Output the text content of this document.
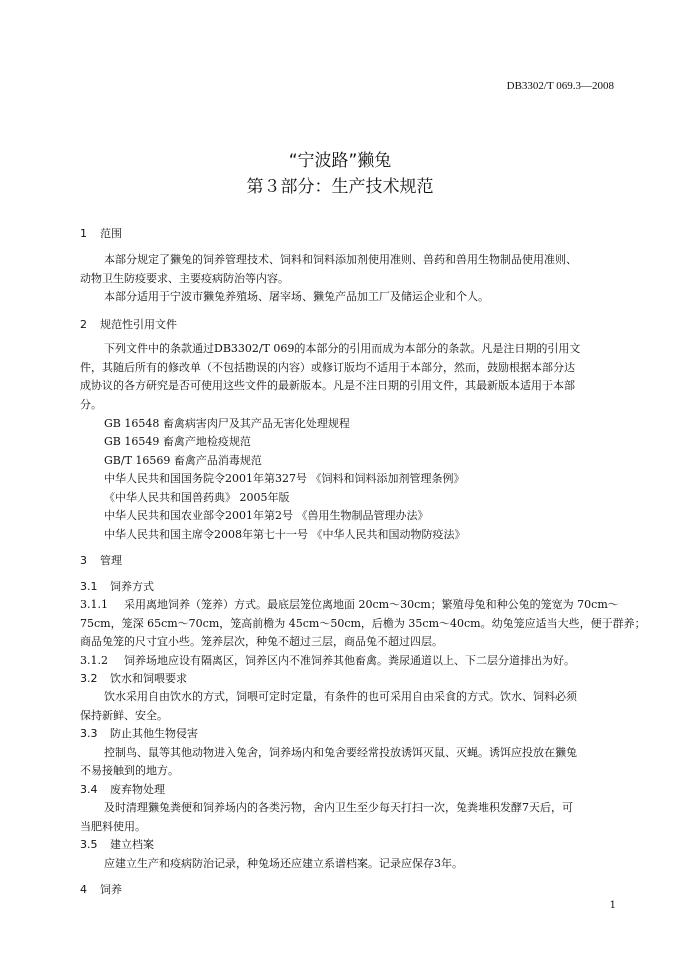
DB3302/T 069.3—2008
“宁波路”獭兔
第３部分：生产技术规范
1 范围
本部分规定了獭兔的饲养管理技术、饲料和饲料添加剂使用准则、兽药和兽用生物制品使用准则、
动物卫生防疫要求、主要疫病防治等内容。
本部分适用于宁波市獭兔养殖场、屠宰场、獭兔产品加工厂及储运企业和个人。
2 规范性引用文件
下列文件中的条款通过DB3302/T 069的本部分的引用而成为本部分的条款。凡是注日期的引用文
件，其随后所有的修改单（不包括勘误的内容）或修订版均不适用于本部分，然而，鼓励根据本部分达
成协议的各方研究是否可使用这些文件的最新版本。凡是不注日期的引用文件，其最新版本适用于本部
分。
GB 16548 畜禽病害肉尸及其产品无害化处理规程
GB 16549 畜禽产地检疫规范
GB/T 16569 畜禽产品消毒规范
中华人民共和国国务院令2001年第327号 《饲料和饲料添加剂管理条例》
《中华人民共和国兽药典》 2005年版
中华人民共和国农业部令2001年第2号 《兽用生物制品管理办法》
中华人民共和国主席令2008年第七十一号 《中华人民共和国动物防疫法》
3 管理
3.1 饲养方式
3.1.1 采用离地饲养（笼养）方式。最底层笼位离地面 20cm～30cm；繁殖母兔和种公兔的笼宽为 70cm～
75cm，笼深 65cm～70cm，笼高前檐为 45cm～50cm，后檐为 35cm～40cm。幼兔笼应适当大些，便于群养；
商品兔笼的尺寸宜小些。笼养层次，种兔不超过三层，商品兔不超过四层。
3.1.2 饲养场地应设有隔离区，饲养区内不准饲养其他畜禽。粪尿通道以上、下二层分道排出为好。
3.2 饮水和饲喂要求
饮水采用自由饮水的方式，饲喂可定时定量，有条件的也可采用自由采食的方式。饮水、饲料必须
保持新鲜、安全。
3.3 防止其他生物侵害
控制鸟、鼠等其他动物进入兔舍，饲养场内和兔舍要经常投放诱饵灭鼠、灭蝇。诱饵应投放在獭兔
不易接触到的地方。
3.4 废弃物处理
及时清理獭兔粪便和饲养场内的各类污物，舍内卫生至少每天打扫一次，兔粪堆积发酵7天后，可
当肥料使用。
3.5 建立档案
应建立生产和疫病防治记录，种兔场还应建立系谱档案。记录应保存3年。
4 饲养
1
